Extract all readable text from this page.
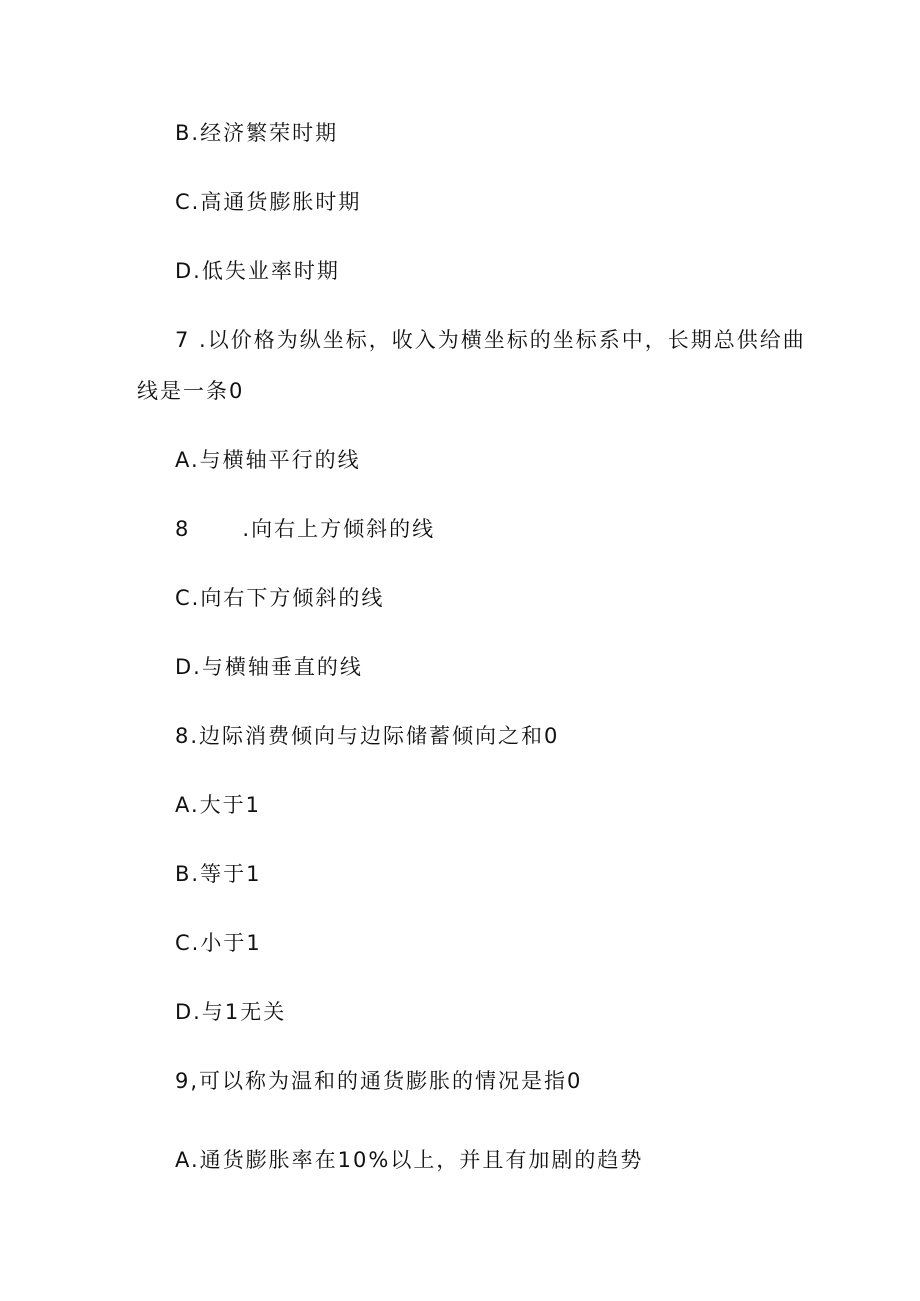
B.经济繁荣时期
C.高通货膨胀时期
D.低失业率时期
7 .以价格为纵坐标，收入为横坐标的坐标系中，长期总供给曲
线是一条0
A.与横轴平行的线
8      .向右上方倾斜的线
C.向右下方倾斜的线
D.与横轴垂直的线
8.边际消费倾向与边际储蓄倾向之和0
A.大于1
B.等于1
C.小于1
D.与1无关
9,可以称为温和的通货膨胀的情况是指0
A.通货膨胀率在10%以上，并且有加剧的趋势
